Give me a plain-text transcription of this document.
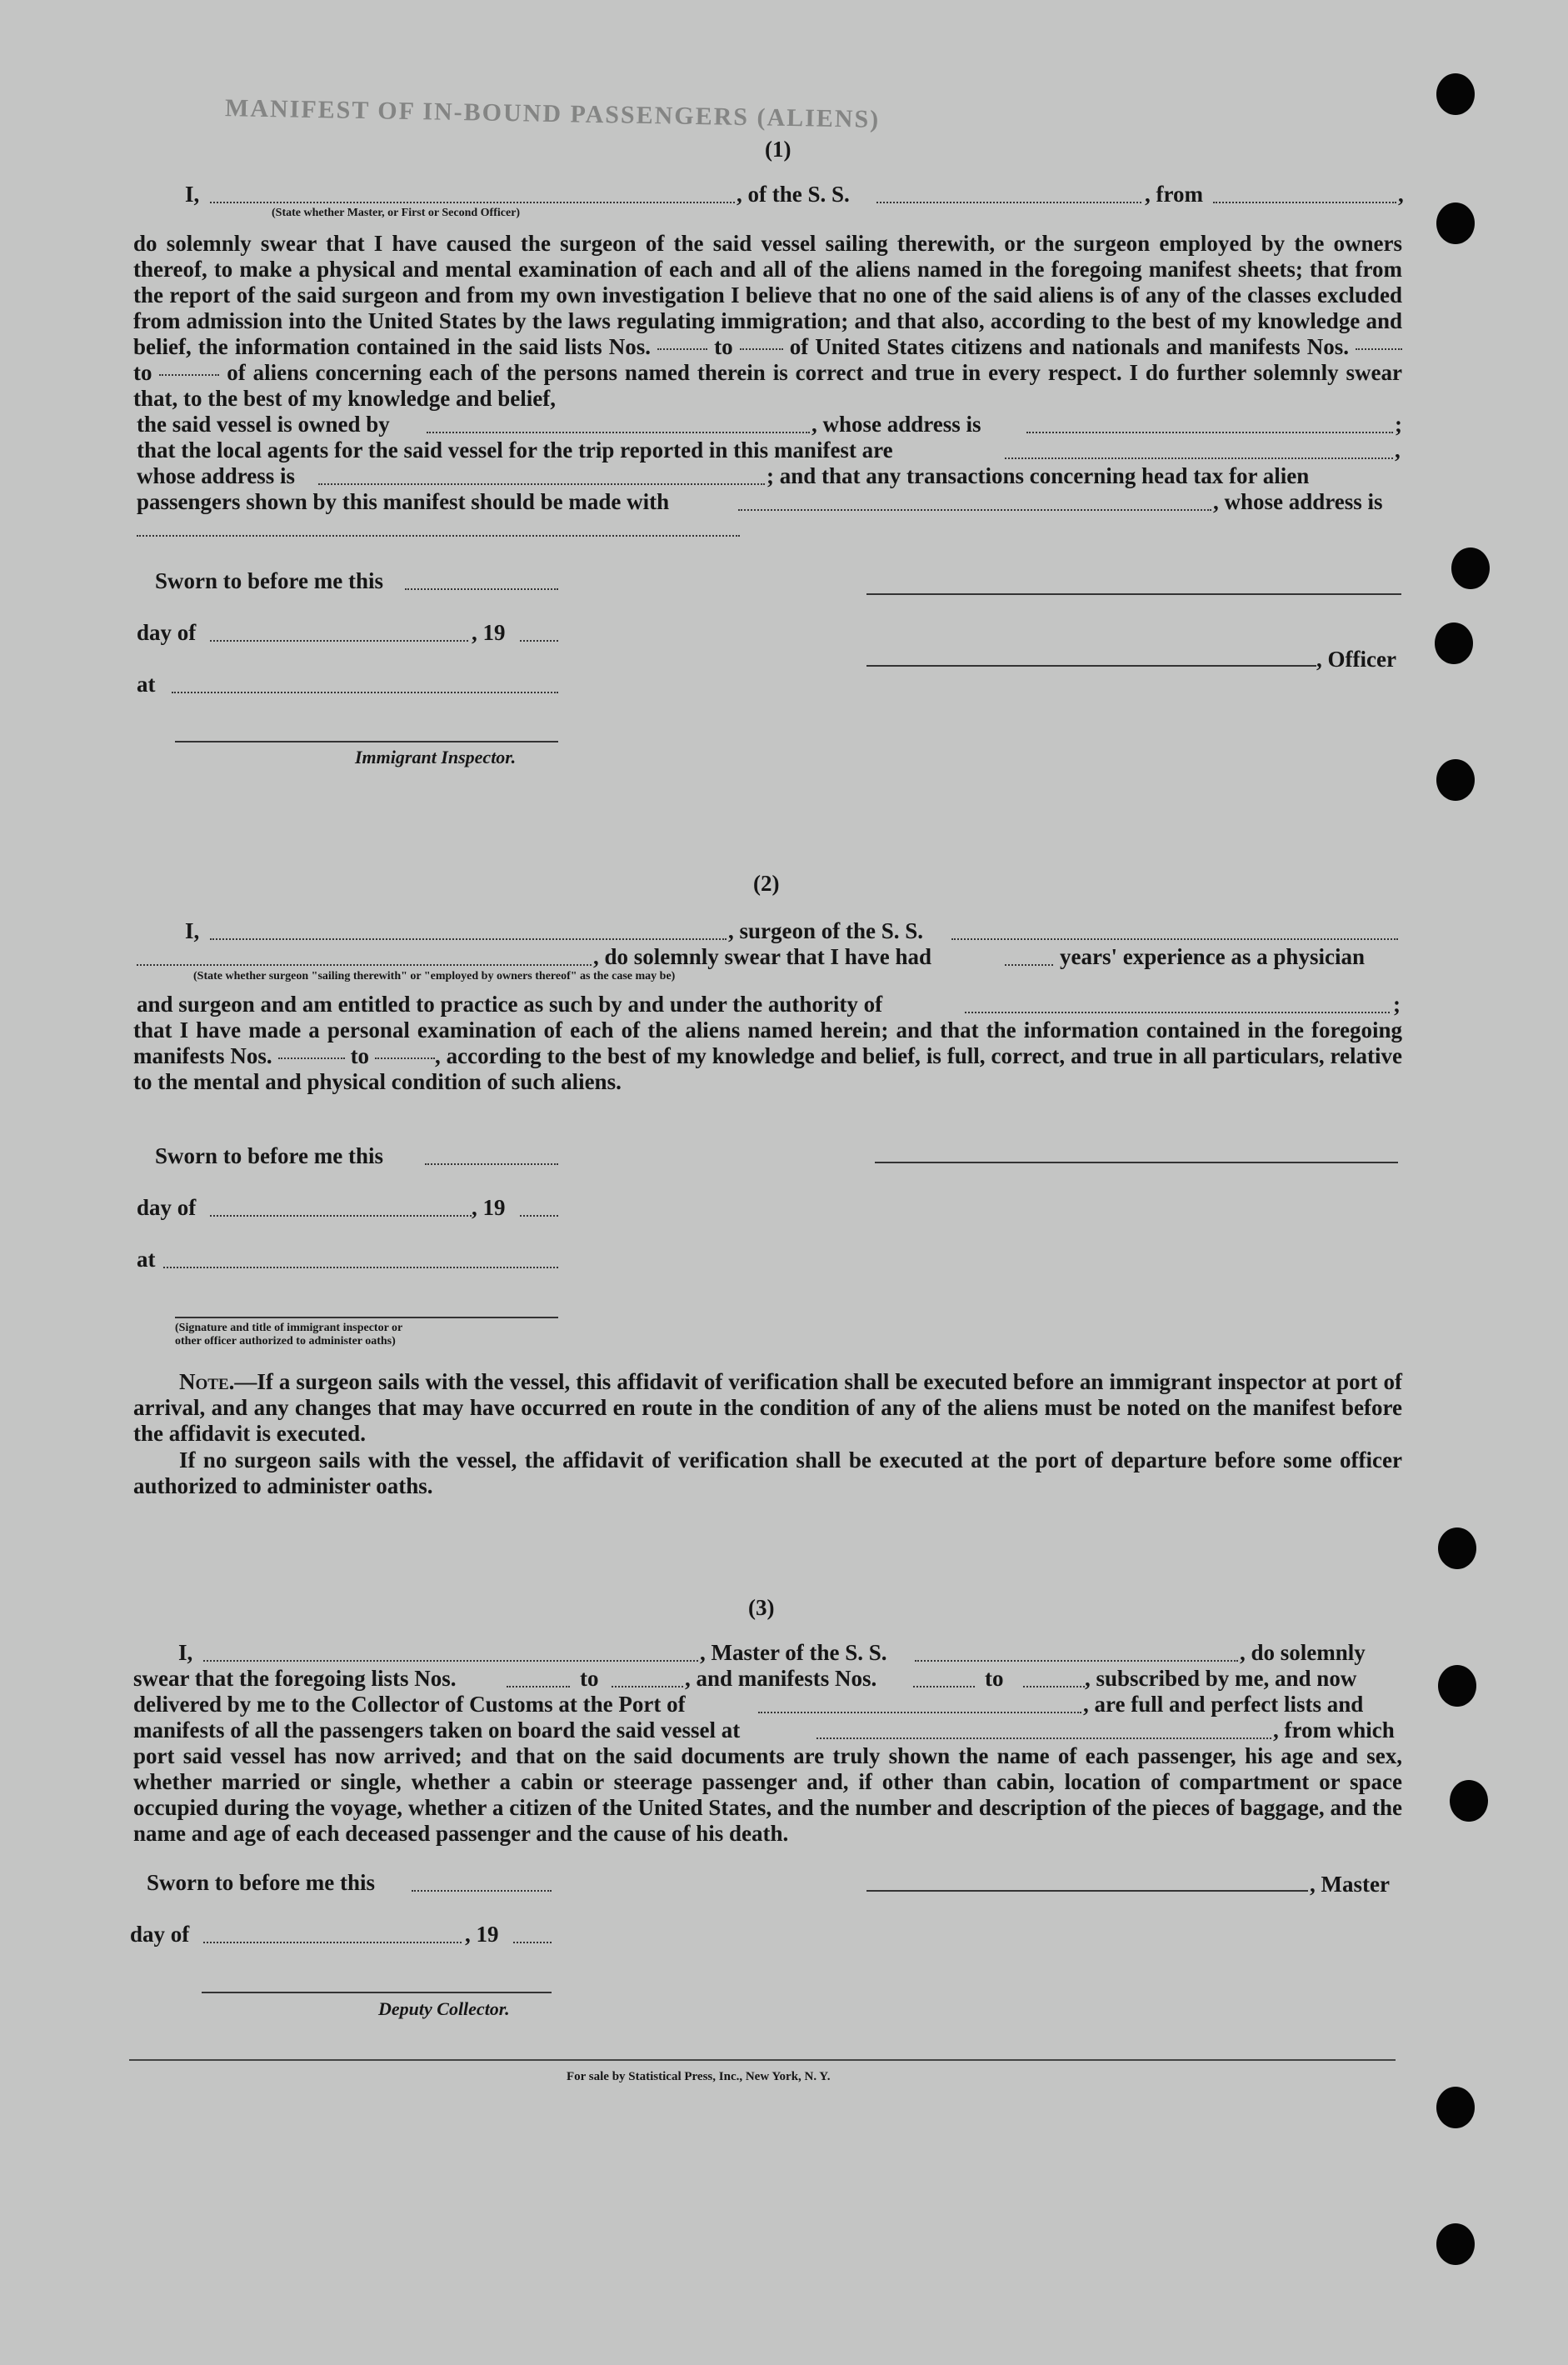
MANIFEST OF IN-BOUND PASSENGERS (ALIENS)
(1)
I,	, of the S. S.	, from	,
(State whether Master, or First or Second Officer)
do solemnly swear that I have caused the surgeon of the said vessel sailing therewith, or the surgeon employed by the owners thereof, to make a physical and mental examination of each and all of the aliens named in the foregoing manifest sheets; that from the report of the said surgeon and from my own investigation I believe that no one of the said aliens is of any of the classes excluded from admission into the United States by the laws regulating immigration; and that also, according to the best of my knowledge and belief, the information contained in the said lists Nos.	to	of United States citizens and nationals and manifests Nos.  to	of aliens concerning each of the persons named therein is correct and true in every respect. I do further solemnly swear that, to the best of my knowledge and belief,
the said vessel is owned by	, whose address is	;
that the local agents for the said vessel for the trip reported in this manifest are	,
whose address is	; and that any transactions concerning head tax for alien
passengers shown by this manifest should be made with	, whose address is
Sworn to before me this
day of	, 19
, Officer
at
Immigrant Inspector.
(2)
I,	, surgeon of the S. S.
, do solemnly swear that I have had	years' experience as a physician
(State whether surgeon "sailing therewith" or "employed by owners thereof" as the case may be)
and surgeon and am entitled to practice as such by and under the authority of	;
that I have made a personal examination of each of the aliens named herein; and that the information contained in the foregoing manifests Nos.	to	, according to the best of my knowledge and belief, is full, correct, and true in all particulars, relative to the mental and physical condition of such aliens.
Sworn to before me this
day of	, 19
at
(Signature and title of immigrant inspector or
other officer authorized to administer oaths)
Note.—If a surgeon sails with the vessel, this affidavit of verification shall be executed before an immigrant inspector at port of arrival, and any changes that may have occurred en route in the condition of any of the aliens must be noted on the manifest before the affidavit is executed.
If no surgeon sails with the vessel, the affidavit of verification shall be executed at the port of departure before some officer authorized to administer oaths.
(3)
I,	, Master of the S. S.	, do solemnly
swear that the foregoing lists Nos.	to	, and manifests Nos.	to	, subscribed by me, and now
delivered by me to the Collector of Customs at the Port of	, are full and perfect lists and
manifests of all the passengers taken on board the said vessel at	, from which
port said vessel has now arrived; and that on the said documents are truly shown the name of each passenger, his age and sex, whether married or single, whether a cabin or steerage passenger and, if other than cabin, location of compartment or space occupied during the voyage, whether a citizen of the United States, and the number and description of the pieces of baggage, and the name and age of each deceased passenger and the cause of his death.
Sworn to before me this	, Master
day of	, 19
Deputy Collector.
For sale by Statistical Press, Inc., New York, N. Y.
